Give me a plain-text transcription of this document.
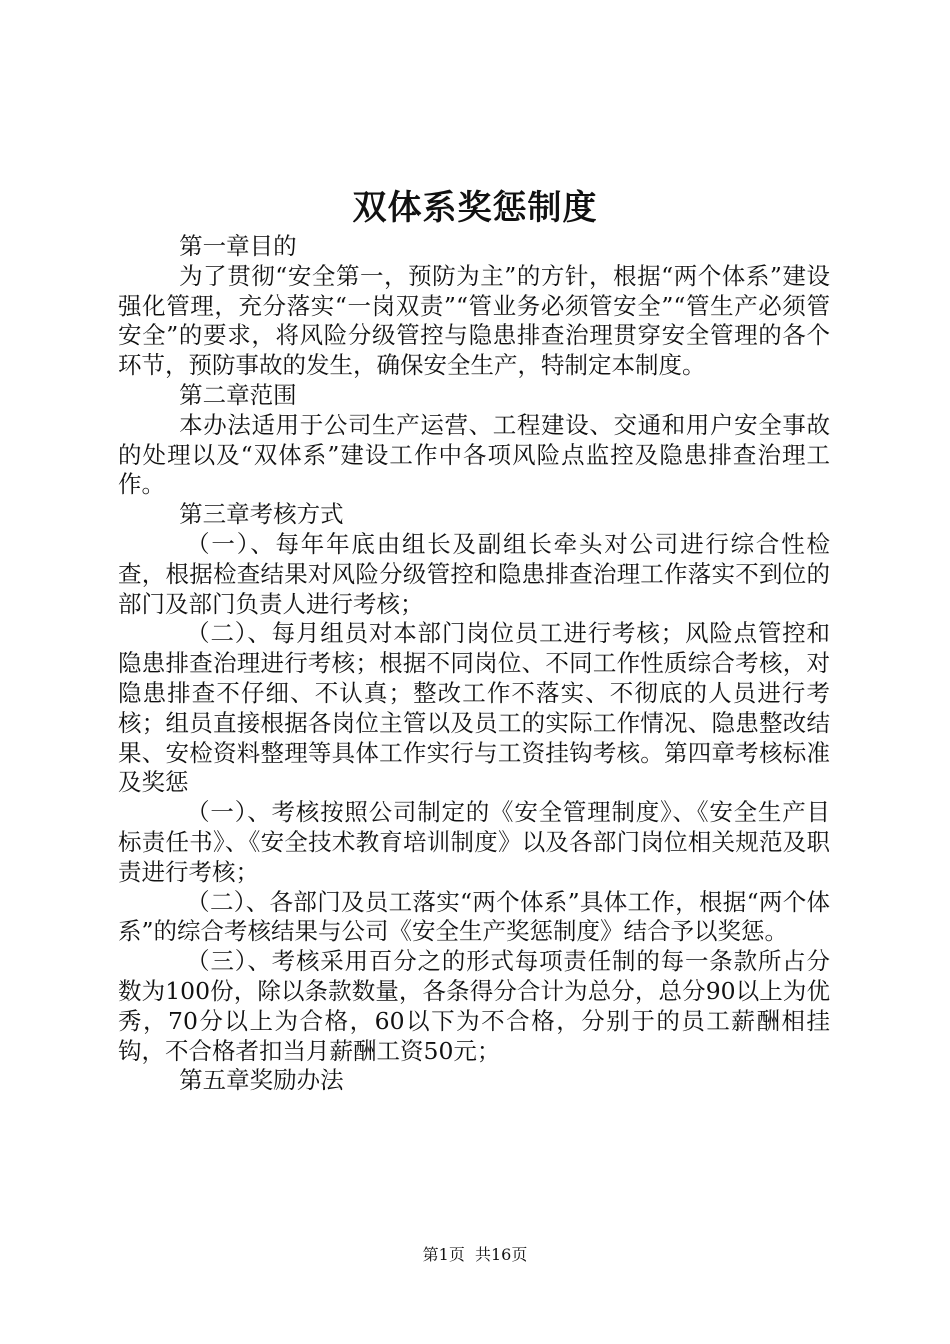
双体系奖惩制度

第一章目的

为了贯彻“安全第一，预防为主”的方针，根据“两个体系”建设强化管理，充分落实“一岗双责”“管业务必须管安全”“管生产必须管安全”的要求，将风险分级管控与隐患排查治理贯穿安全管理的各个环节，预防事故的发生，确保安全生产，特制定本制度。

第二章范围

本办法适用于公司生产运营、工程建设、交通和用户安全事故的处理以及“双体系”建设工作中各项风险点监控及隐患排查治理工作。

第三章考核方式

（一）、每年年底由组长及副组长牵头对公司进行综合性检查，根据检查结果对风险分级管控和隐患排查治理工作落实不到位的部门及部门负责人进行考核；

（二）、每月组员对本部门岗位员工进行考核；风险点管控和隐患排查治理进行考核；根据不同岗位、不同工作性质综合考核，对隐患排查不仔细、不认真；整改工作不落实、不彻底的人员进行考核；组员直接根据各岗位主管以及员工的实际工作情况、隐患整改结果、安检资料整理等具体工作实行与工资挂钩考核。第四章考核标准及奖惩

（一）、考核按照公司制定的《安全管理制度》、《安全生产目标责任书》、《安全技术教育培训制度》以及各部门岗位相关规范及职责进行考核；

（二）、各部门及员工落实“两个体系”具体工作，根据“两个体系”的综合考核结果与公司《安全生产奖惩制度》结合予以奖惩。

（三）、考核采用百分之的形式每项责任制的每一条款所占分数为100份，除以条款数量，各条得分合计为总分，总分90以上为优秀，70分以上为合格，60以下为不合格，分别于的员工薪酬相挂钩，不合格者扣当月薪酬工资50元；

第五章奖励办法

第1页  共16页
